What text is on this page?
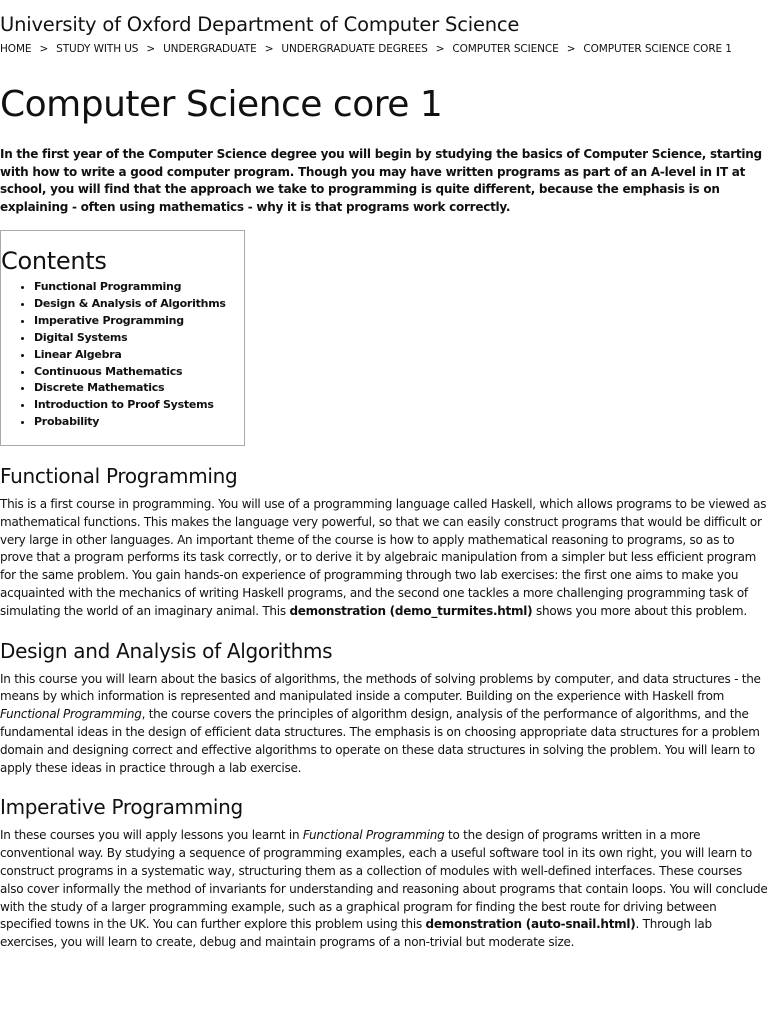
University of Oxford Department of Computer Science
HOME > STUDY WITH US > UNDERGRADUATE > UNDERGRADUATE DEGREES > COMPUTER SCIENCE > COMPUTER SCIENCE CORE 1
Computer Science core 1

In the first year of the Computer Science degree you will begin by studying the basics of Computer Science, starting with how to write a good computer program. Though you may have written programs as part of an A-level in IT at school, you will find that the approach we take to programming is quite different, because the emphasis is on explaining - often using mathematics - why it is that programs work correctly.

Contents
• Functional Programming
• Design & Analysis of Algorithms
• Imperative Programming
• Digital Systems
• Linear Algebra
• Continuous Mathematics
• Discrete Mathematics
• Introduction to Proof Systems
• Probability
Functional Programming

This is a first course in programming. You will use of a programming language called Haskell, which allows programs to be viewed as mathematical functions. This makes the language very powerful, so that we can easily construct programs that would be difficult or very large in other languages. An important theme of the course is how to apply mathematical reasoning to programs, so as to prove that a program performs its task correctly, or to derive it by algebraic manipulation from a simpler but less efficient program for the same problem. You gain hands-on experience of programming through two lab exercises: the first one aims to make you acquainted with the mechanics of writing Haskell programs, and the second one tackles a more challenging programming task of simulating the world of an imaginary animal. This demonstration (demo_turmites.html) shows you more about this problem.

Design and Analysis of Algorithms

In this course you will learn about the basics of algorithms, the methods of solving problems by computer, and data structures - the means by which information is represented and manipulated inside a computer. Building on the experience with Haskell from Functional Programming, the course covers the principles of algorithm design, analysis of the performance of algorithms, and the fundamental ideas in the design of efficient data structures. The emphasis is on choosing appropriate data structures for a problem domain and designing correct and effective algorithms to operate on these data structures in solving the problem. You will learn to apply these ideas in practice through a lab exercise.

Imperative Programming

In these courses you will apply lessons you learnt in Functional Programming to the design of programs written in a more conventional way. By studying a sequence of programming examples, each a useful software tool in its own right, you will learn to construct programs in a systematic way, structuring them as a collection of modules with well-defined interfaces. These courses also cover informally the method of invariants for understanding and reasoning about programs that contain loops. You will conclude with the study of a larger programming example, such as a graphical program for finding the best route for driving between specified towns in the UK. You can further explore this problem using this demonstration (auto-snail.html). Through lab exercises, you will learn to create, debug and maintain programs of a non-trivial but moderate size.
